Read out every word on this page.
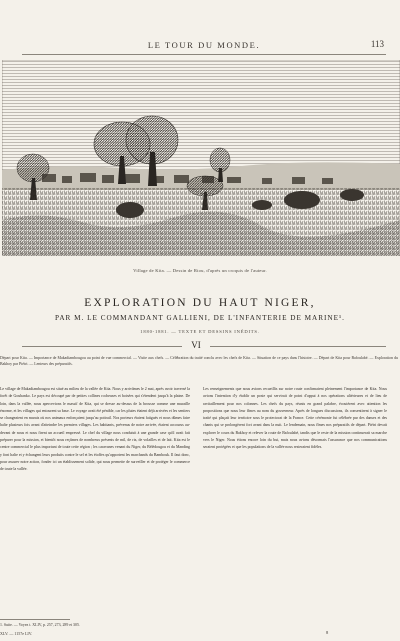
LE TOUR DU MONDE.	113
Village de Kita. — Dessin de Riou, d'après un croquis de l'auteur.
EXPLORATION DU HAUT NIGER,
PAR M. LE COMMANDANT GALLIENI, DE L'INFANTERIE DE MARINE¹.
1880-1881. — TEXTE ET DESSINS INÉDITS.
VI
Départ pour Kita. — Importance de Makadiambougou au point de vue commercial. — Visite aux chefs. — Célébration du traité conclu avec les chefs de Kita. — Situation de ce pays dans l'histoire. — Départ de Kita pour Bafoulabé. — Exploration du Bakhoy par Piétri. — Lenteurs des préparatifs.
Le village de Makadiambougou est situé au milieu de la vallée de Kita. Nous y arrivâmes le 2 mai, après avoir traversé la forêt de Goubanko. Le pays est découpé par de petites collines rocheuses et boisées qui s'étendent jusqu'à la plaine. De loin, dans la vallée, nous apercevions le massif de Kita, qui se dresse au-dessus de la brousse comme une muraille énorme, et les villages qui entourent sa base. Le voyage avait été pénible, car les pluies étaient déjà arrivées et les sentiers se changeaient en marais où nos animaux enfonçaient jusqu'au poitrail. Nos porteurs étaient fatigués et nous dûmes faire halte plusieurs fois avant d'atteindre les premiers villages. Les habitants, prévenus de notre arrivée, étaient accourus au-devant de nous et nous firent un accueil empressé. Le chef du village nous conduisit à une grande case qu'il avait fait préparer pour la mission, et bientôt nous reçûmes de nombreux présents de mil, de riz, de volailles et de lait. Kita est le centre commercial le plus important de toute cette région ; les caravanes venant du Niger, du Bélédougou et du Manding y font halte et y échangent leurs produits contre le sel et les étoffes qu'apportent les marchands du Bambouk. Il faut donc, pour assurer notre action, fonder ici un établissement solide, qui nous permette de surveiller et de protéger le commerce de toute la vallée.
Les renseignements que nous avions recueillis sur notre route confirmaient pleinement l'importance de Kita. Nous avions l'intention d'y établir un poste qui servirait de point d'appui à nos opérations ultérieures et de lieu de ravitaillement pour nos colonnes. Les chefs du pays, réunis en grand palabre, écoutèrent avec attention les propositions que nous leur fîmes au nom du gouverneur. Après de longues discussions, ils consentirent à signer le traité qui plaçait leur territoire sous le protectorat de la France. Cette cérémonie fut célébrée par des danses et des chants qui se prolongèrent fort avant dans la nuit. Le lendemain, nous fîmes nos préparatifs de départ. Piétri devait explorer le cours du Bakhoy et relever la route de Bafoulabé, tandis que le reste de la mission continuerait sa marche vers le Niger. Nous étions encore loin du but, mais nous avions désormais l'assurance que nos communications seraient protégées et que les populations de la vallée nous resteraient fidèles.
1. Suite. — Voyez t. XLIV, p. 257, 273, 289 et 305.
XLV. — 1157e LIV.	8
